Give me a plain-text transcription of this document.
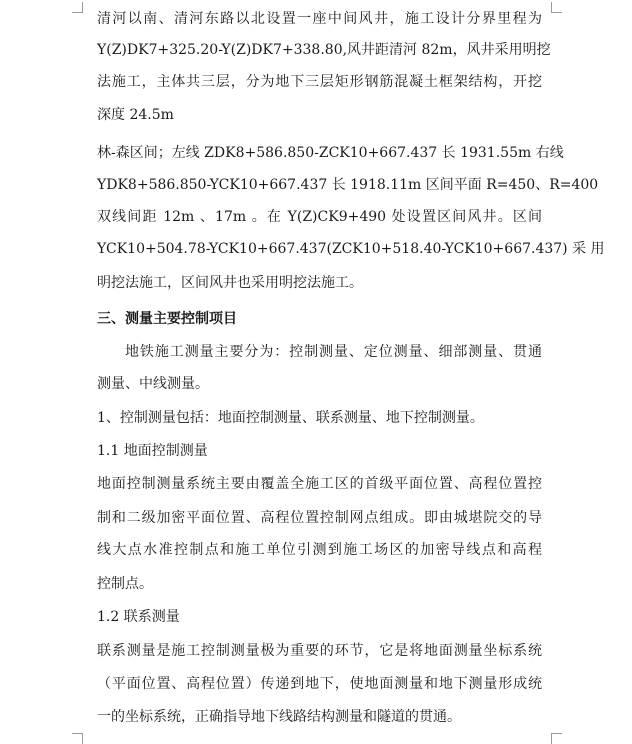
清河以南、清河东路以北设置一座中间风井，施工设计分界里程为
Y(Z)DK7+325.20-Y(Z)DK7+338.80,风井距清河 82m，风井采用明挖
法施工，主体共三层，分为地下三层矩形钢筋混凝土框架结构，开挖
深度 24.5m
林-森区间；左线 ZDK8+586.850-ZCK10+667.437 长 1931.55m 右线
YDK8+586.850-YCK10+667.437 长 1918.11m 区间平面 R=450、R=400
双线间距 12m 、17m 。在 Y(Z)CK9+490 处设置区间风井。区间
YCK10+504.78-YCK10+667.437(ZCK10+518.40-YCK10+667.437) 采 用
明挖法施工，区间风井也采用明挖法施工。
三、测量主要控制项目
地铁施工测量主要分为：控制测量、定位测量、细部测量、贯通
测量、中线测量。
1、控制测量包括：地面控制测量、联系测量、地下控制测量。
1.1 地面控制测量
地面控制测量系统主要由覆盖全施工区的首级平面位置、高程位置控
制和二级加密平面位置、高程位置控制网点组成。即由城堪院交的导
线大点水准控制点和施工单位引测到施工场区的加密导线点和高程
控制点。
1.2 联系测量
联系测量是施工控制测量极为重要的环节，它是将地面测量坐标系统
（平面位置、高程位置）传递到地下，使地面测量和地下测量形成统
一的坐标系统，正确指导地下线路结构测量和隧道的贯通。
